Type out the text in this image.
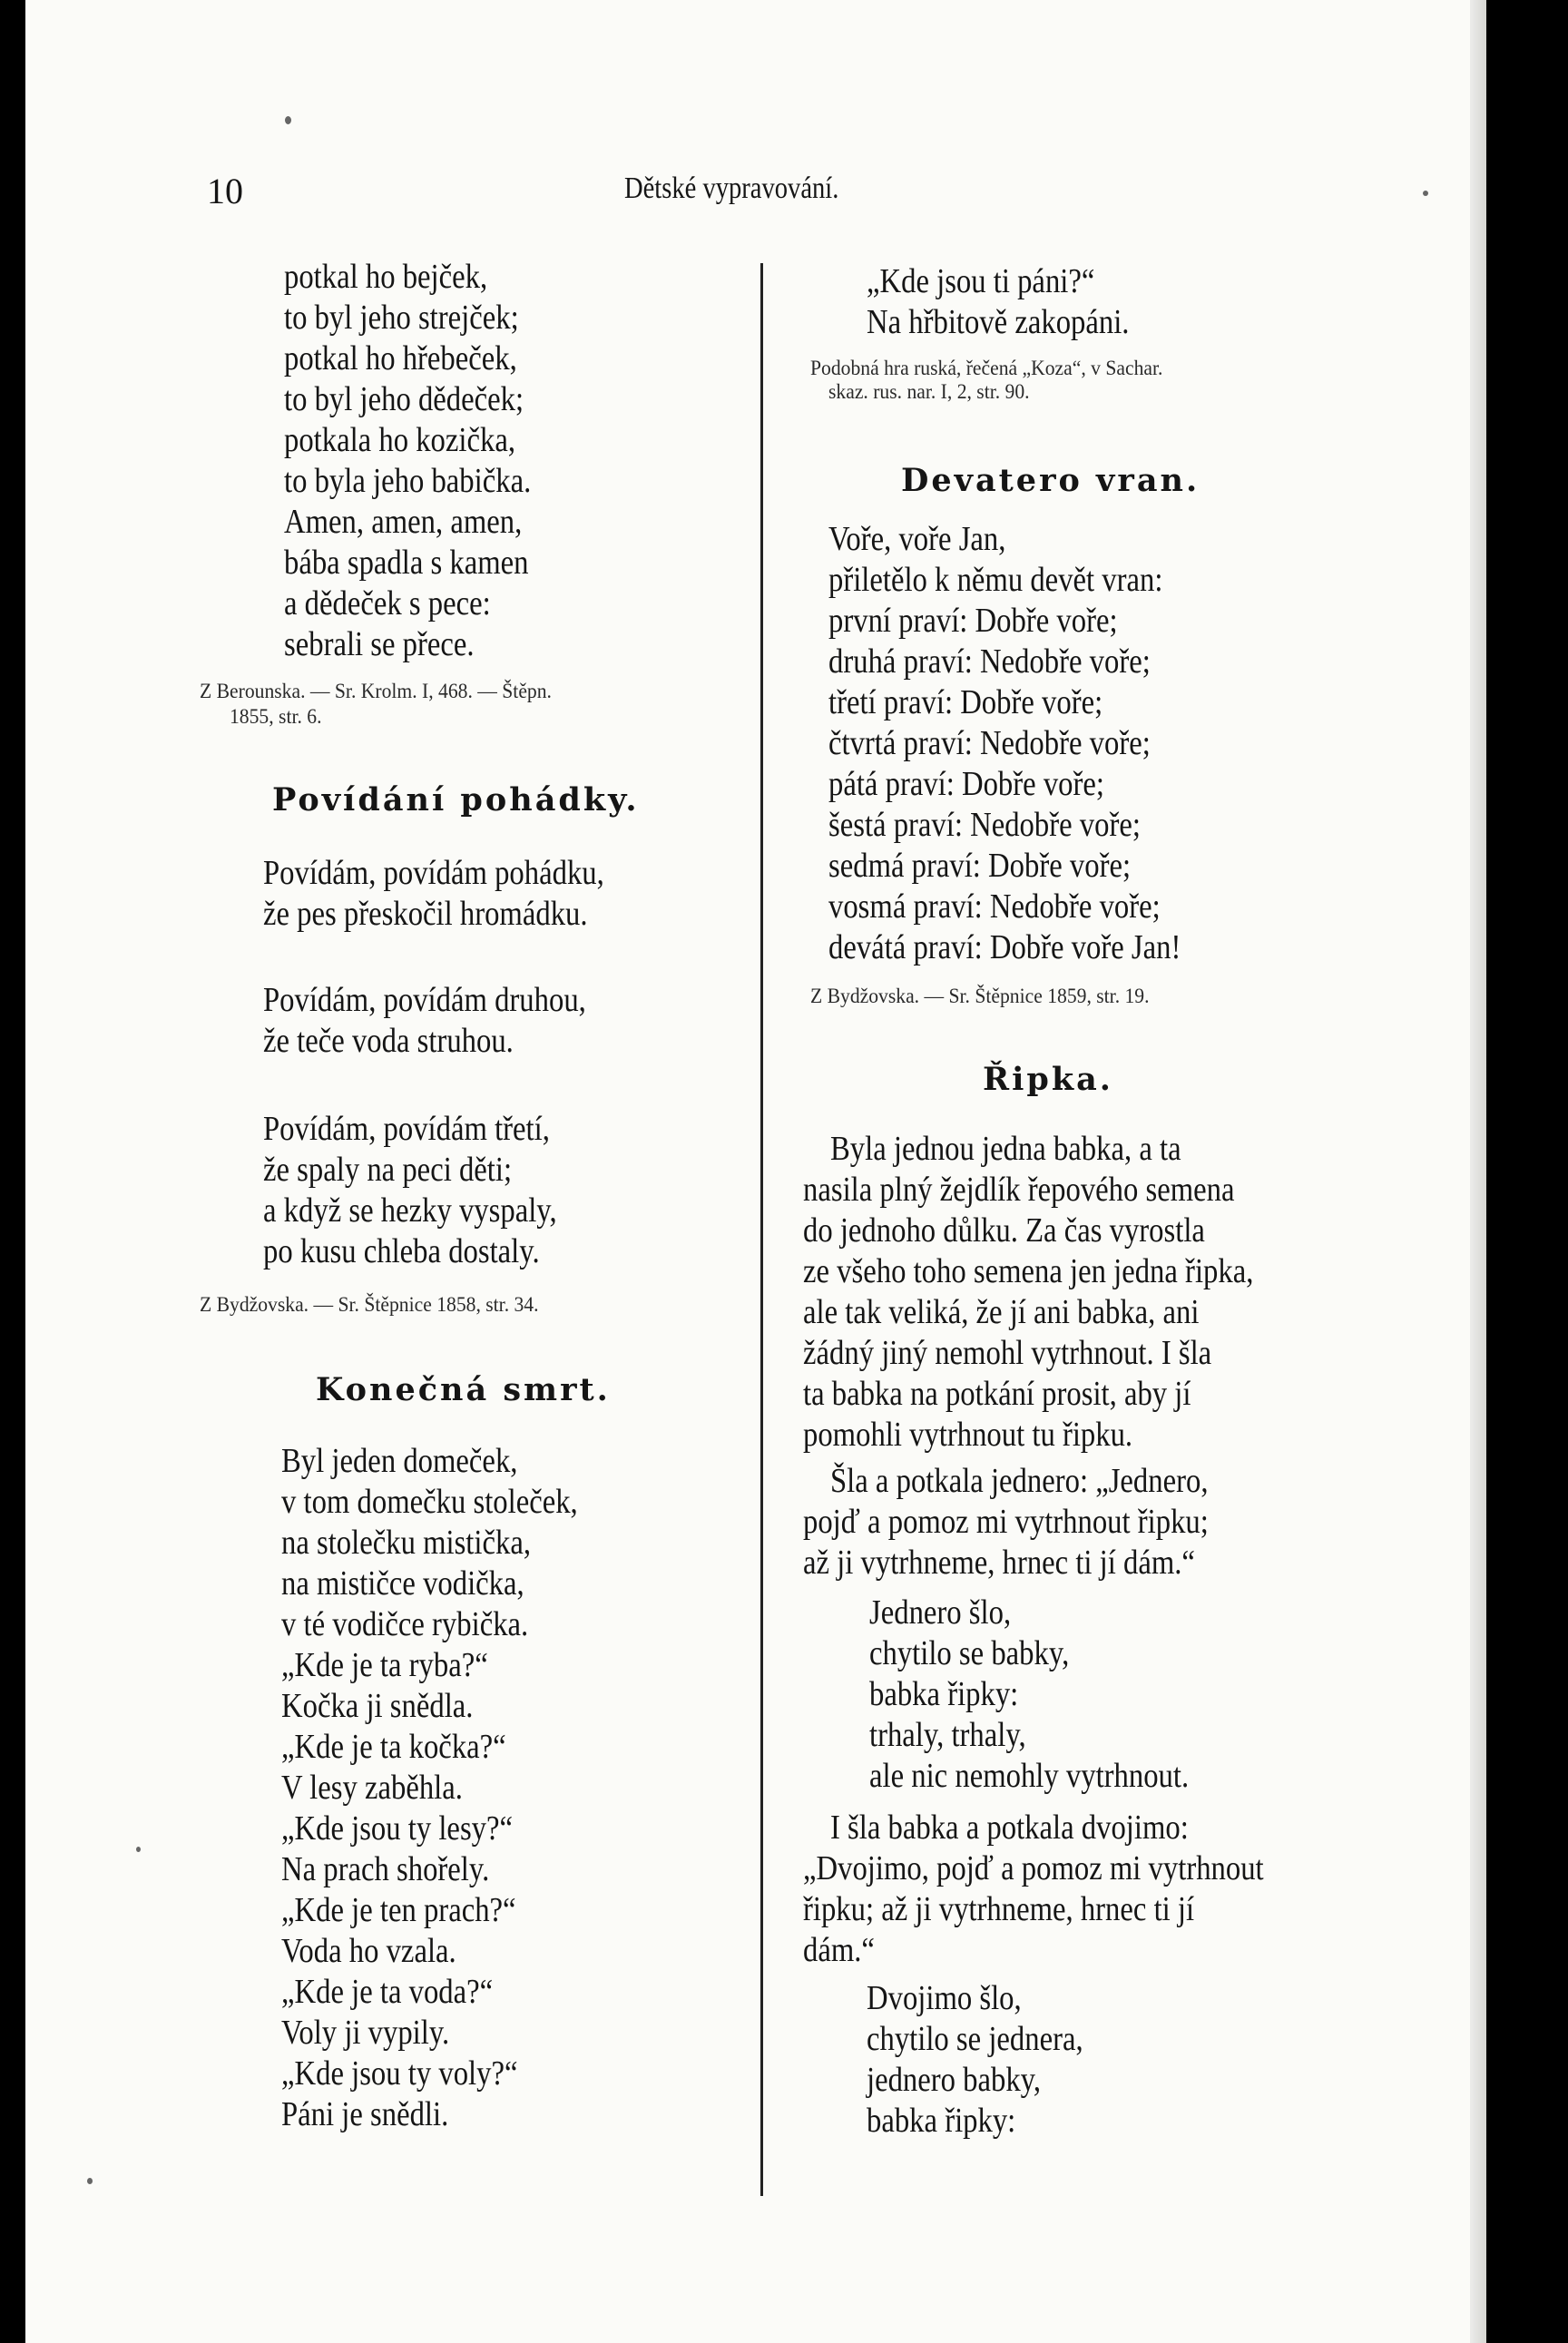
10	Dětské vypravování.
potkal ho bejček,
to byl jeho strejček;
potkal ho hřebeček,
to byl jeho dědeček;
potkala ho kozička,
to byla jeho babička.
Amen, amen, amen,
bába spadla s kamen
a dědeček s pece:
sebrali se přece.
Z Berounska. — Sr. Krolm. I, 468. — Štěpn.
1855, str. 6.
Povídání pohádky.
Povídám, povídám pohádku,
že pes přeskočil hromádku.
Povídám, povídám druhou,
že teče voda struhou.
Povídám, povídám třetí,
že spaly na peci děti;
a když se hezky vyspaly,
po kusu chleba dostaly.
Z Bydžovska. — Sr. Štěpnice 1858, str. 34.
Konečná smrt.
Byl jeden domeček,
v tom domečku stoleček,
na stolečku mistička,
na mističce vodička,
v té vodičce rybička.
„Kde je ta ryba?“
Kočka ji snědla.
„Kde je ta kočka?“
V lesy zaběhla.
„Kde jsou ty lesy?“
Na prach shořely.
„Kde je ten prach?“
Voda ho vzala.
„Kde je ta voda?“
Voly ji vypily.
„Kde jsou ty voly?“
Páni je snědli.
„Kde jsou ti páni?“
Na hřbitově zakopáni.
Podobná hra ruská, řečená „Koza“, v Sachar.
skaz. rus. nar. I, 2, str. 90.
Devatero vran.
Voře, voře Jan,
přiletělo k němu devět vran:
první praví: Dobře voře;
druhá praví: Nedobře voře;
třetí praví: Dobře voře;
čtvrtá praví: Nedobře voře;
pátá praví: Dobře voře;
šestá praví: Nedobře voře;
sedmá praví: Dobře voře;
vosmá praví: Nedobře voře;
devátá praví: Dobře voře Jan!
Z Bydžovska. — Sr. Štěpnice 1859, str. 19.
Řipka.
Byla jednou jedna babka, a ta
nasila plný žejdlík řepového semena
do jednoho důlku. Za čas vyrostla
ze všeho toho semena jen jedna řipka,
ale tak veliká, že jí ani babka, ani
žádný jiný nemohl vytrhnout. I šla
ta babka na potkání prosit, aby jí
pomohli vytrhnout tu řipku.
Šla a potkala jednero: „Jednero,
pojď a pomoz mi vytrhnout řipku;
až ji vytrhneme, hrnec ti jí dám.“
Jednero šlo,
chytilo se babky,
babka řipky:
trhaly, trhaly,
ale nic nemohly vytrhnout.
I šla babka a potkala dvojimo:
„Dvojimo, pojď a pomoz mi vytrhnout
řipku; až ji vytrhneme, hrnec ti jí
dám.“
Dvojimo šlo,
chytilo se jednera,
jednero babky,
babka řipky:
